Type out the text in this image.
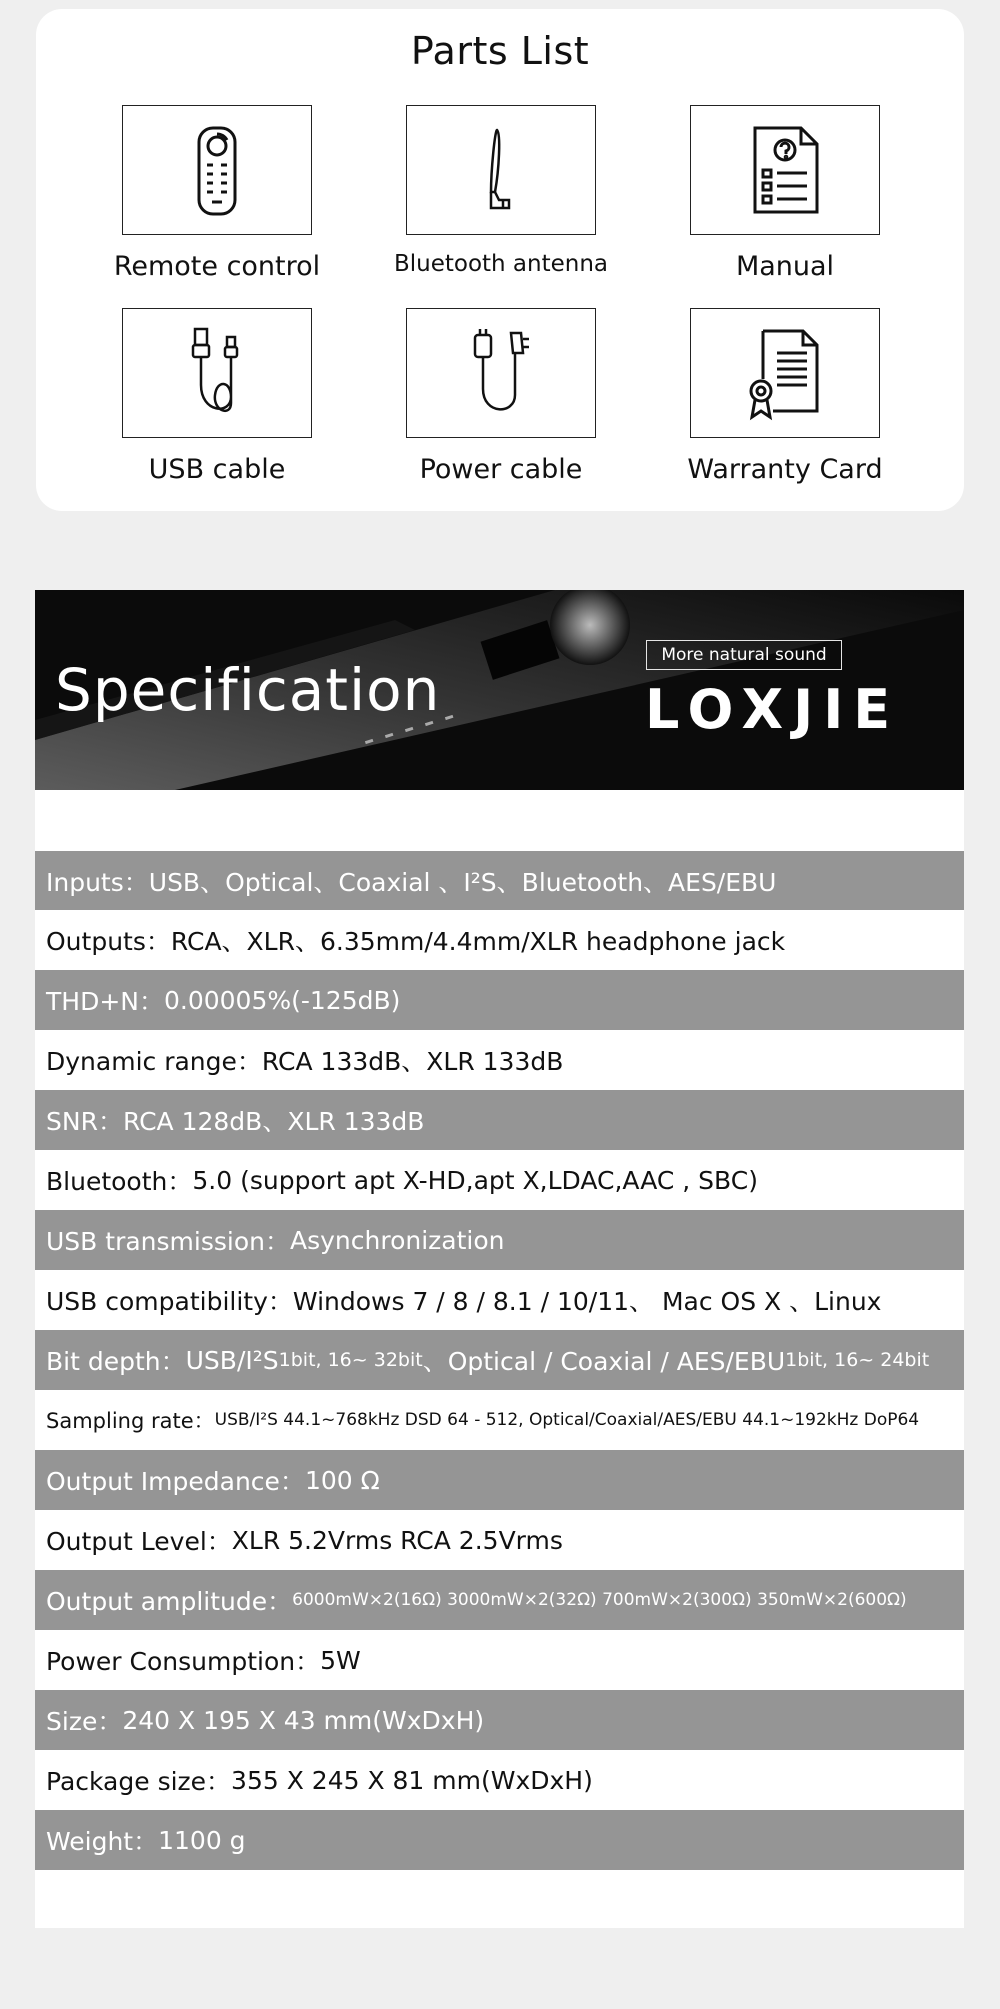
Parts List
Remote control	Bluetooth antenna	Manual
USB cable	Power cable	Warranty Card
Specification
More natural sound
LOXJIE
Inputs： USB、Optical、Coaxial 、I²S、Bluetooth、AES/EBU
Outputs： RCA、XLR、6.35mm/4.4mm/XLR headphone jack
THD+N： 0.00005%(-125dB)
Dynamic range： RCA 133dB、XLR 133dB
SNR： RCA 128dB、XLR 133dB
Bluetooth： 5.0 (support apt X-HD,apt X,LDAC,AAC , SBC)
USB transmission： Asynchronization
USB compatibility： Windows 7 / 8 / 8.1 / 10/11、 Mac OS X 、Linux
Bit depth： USB/I²S 1bit, 16~ 32bit 、Optical / Coaxial / AES/EBU 1bit, 16~ 24bit
Sampling rate： USB/I²S 44.1~768kHz DSD 64 - 512, Optical/Coaxial/AES/EBU 44.1~192kHz DoP64
Output Impedance： 100 Ω
Output Level： XLR 5.2Vrms RCA 2.5Vrms
Output amplitude： 6000mW×2(16Ω) 3000mW×2(32Ω) 700mW×2(300Ω) 350mW×2(600Ω)
Power Consumption： 5W
Size： 240 X 195 X 43 mm(WxDxH)
Package size： 355 X 245 X 81 mm(WxDxH)
Weight： 1100 g
